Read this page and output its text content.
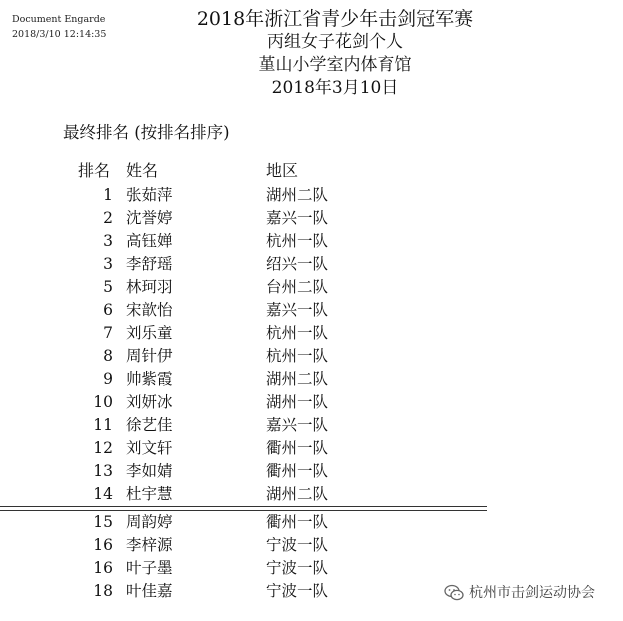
Document Engarde
2018/3/10 12:14:35
2018年浙江省青少年击剑冠军赛
丙组女子花剑个人
堇山小学室内体育馆
2018年3月10日
最终排名 (按排名排序)
排名 姓名	地区
1 张茹萍	湖州二队
2 沈誉婷	嘉兴一队
3 高钰婵	杭州一队
3 李舒瑶	绍兴一队
5 林珂羽	台州二队
6 宋歆怡	嘉兴一队
7 刘乐童	杭州一队
8 周针伊	杭州一队
9 帅紫霞	湖州二队
10 刘妍冰	湖州一队
11 徐艺佳	嘉兴一队
12 刘文轩	衢州一队
13 李如婧	衢州一队
14 杜宇慧	湖州二队
15 周韵婷	衢州一队
16 李梓源	宁波一队
16 叶子墨	宁波一队
18 叶佳嘉	宁波一队	杭州市击剑运动协会
